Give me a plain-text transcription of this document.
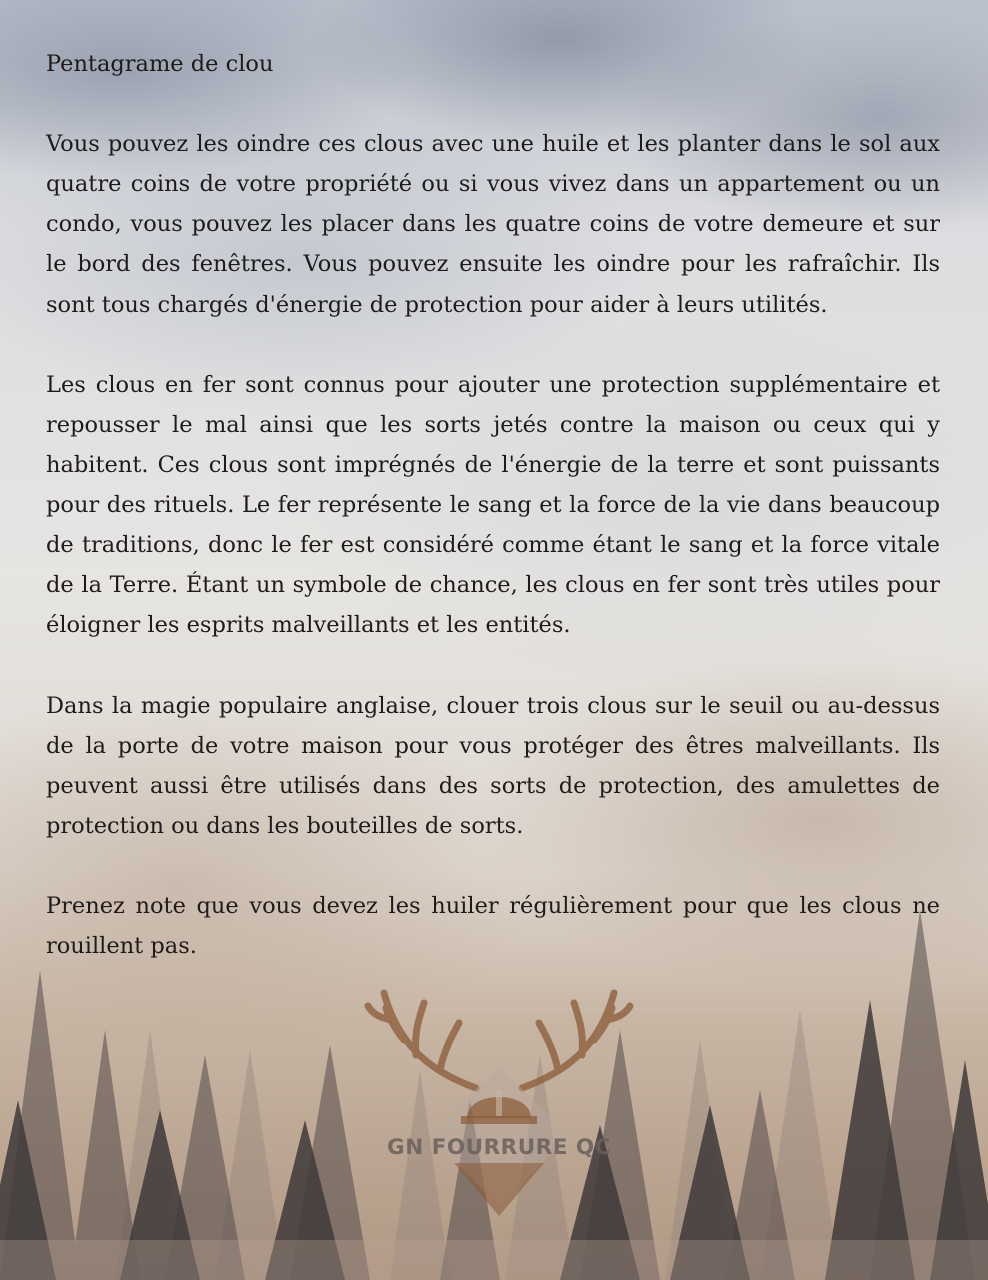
GN FOURRURE QC

Pentagrame de clou

Vous pouvez les oindre ces clous avec une huile et les planter dans le sol aux quatre coins de votre propriété ou si vous vivez dans un appartement ou un condo, vous pouvez les placer dans les quatre coins de votre demeure et sur le bord des fenêtres. Vous pouvez ensuite les oindre pour les rafraîchir. Ils sont tous chargés d'énergie de protection pour aider à leurs utilités.

Les clous en fer sont connus pour ajouter une protection supplémentaire et repousser le mal ainsi que les sorts jetés contre la maison ou ceux qui y habitent. Ces clous sont imprégnés de l'énergie de la terre et sont puissants pour des rituels. Le fer représente le sang et la force de la vie dans beaucoup de traditions, donc le fer est considéré comme étant le sang et la force vitale de la Terre. Étant un symbole de chance, les clous en fer sont très utiles pour éloigner les esprits malveillants et les entités.

Dans la magie populaire anglaise, clouer trois clous sur le seuil ou au-dessus de la porte de votre maison pour vous protéger des êtres malveillants. Ils peuvent aussi être utilisés dans des sorts de protection, des amulettes de protection ou dans les bouteilles de sorts.

Prenez note que vous devez les huiler régulièrement pour que les clous ne rouillent pas.
